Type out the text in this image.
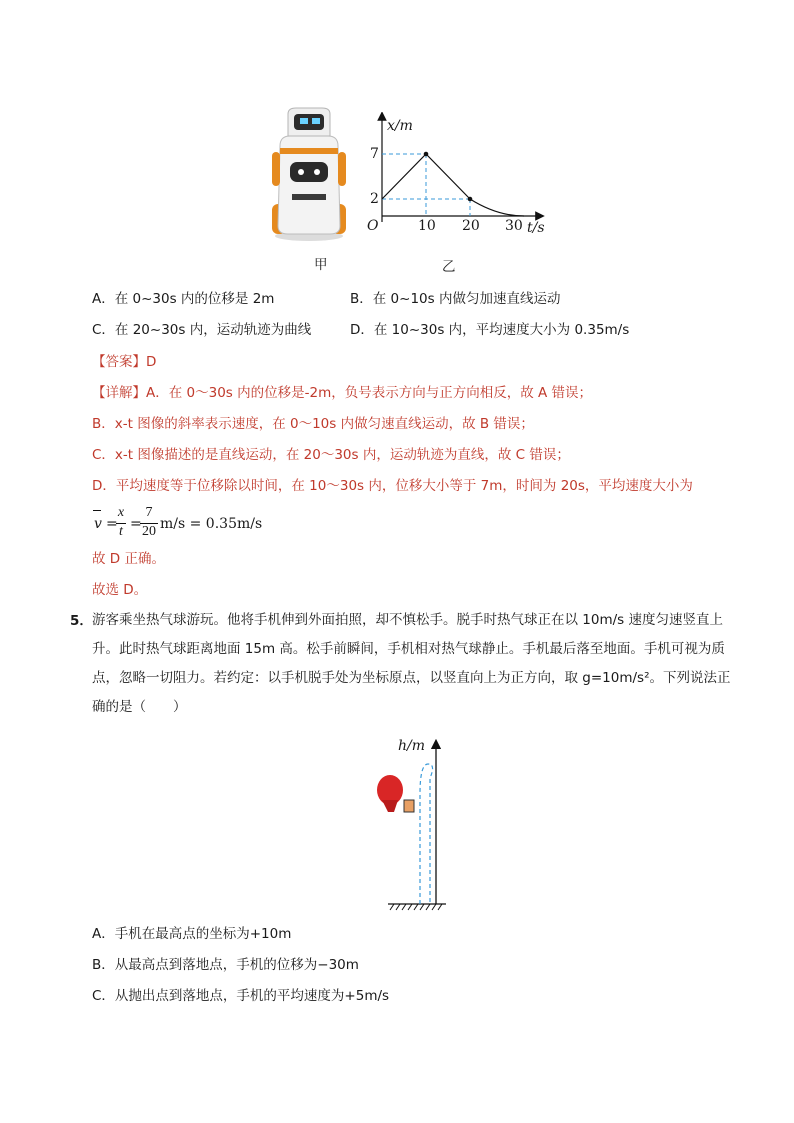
x/m
7
2
O	10 20 30 t/s
甲	乙
A．在 0~30s 内的位移是 2m	B．在 0~10s 内做匀加速直线运动
C．在 20~30s 内，运动轨迹为曲线	D．在 10~30s 内，平均速度大小为 0.35m/s
【答案】D
【详解】A．在 0～30s 内的位移是-2m，负号表示方向与正方向相反，故 A 错误；
B．x-t 图像的斜率表示速度，在 0～10s 内做匀速直线运动，故 B 错误；
C．x-t 图像描述的是直线运动，在 20～30s 内，运动轨迹为直线，故 C 错误；
D．平均速度等于位移除以时间，在 10～30s 内，位移大小等于 7m，时间为 20s，平均速度大小为
v =
x
t =
7
20 m/s = 0.35m/s
故 D 正确。
故选 D。
5． 游客乘坐热气球游玩。他将手机伸到外面拍照，却不慎松手。脱手时热气球正在以 10m/s 速度匀速竖直上升。此时热气球距离地面 15m 高。松手前瞬间，手机相对热气球静止。手机最后落至地面。手机可视为质点，忽略一切阻力。若约定：以手机脱手处为坐标原点，以竖直向上为正方向，取 g=10m/s²。下列说法正确的是（　　）
h/m
A．手机在最高点的坐标为+10m
B．从最高点到落地点，手机的位移为−30m
C．从抛出点到落地点，手机的平均速度为+5m/s
